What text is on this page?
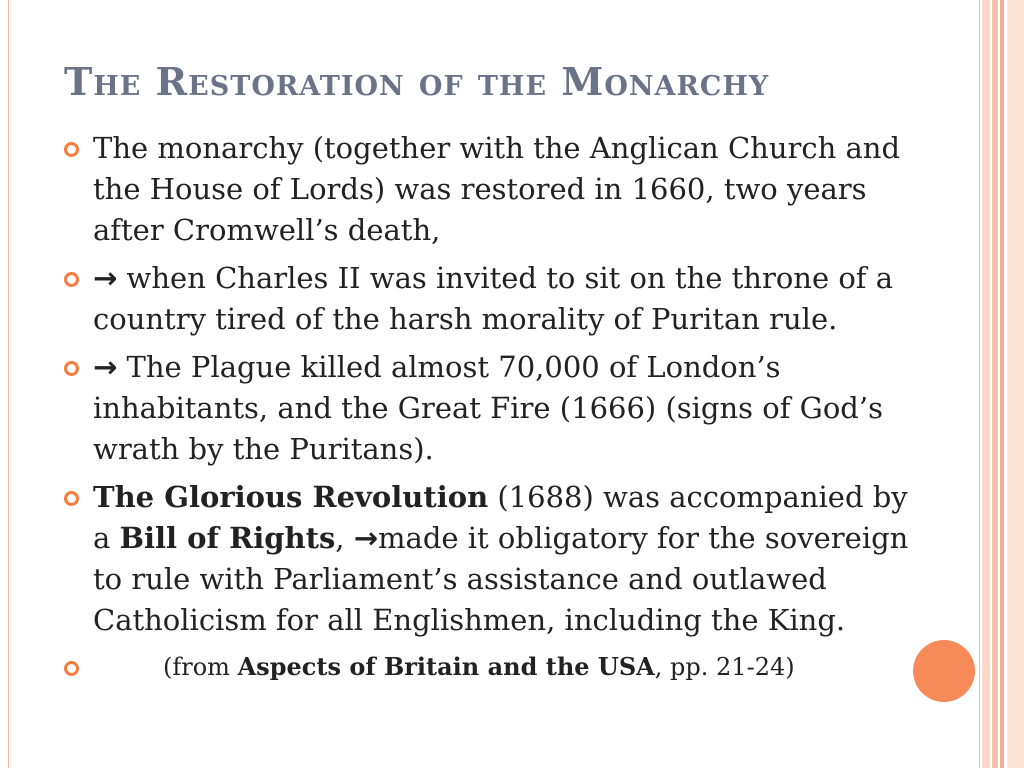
The Restoration of the Monarchy
The monarchy (together with the Anglican Church and the House of Lords) was restored in 1660, two years after Cromwell’s death,
→ when Charles II was invited to sit on the throne of a country tired of the harsh morality of Puritan rule.
→ The Plague killed almost 70,000 of London’s inhabitants, and the Great Fire (1666) (signs of God’s wrath by the Puritans).
The Glorious Revolution (1688) was accompanied by a Bill of Rights, →made it obligatory for the sovereign to rule with Parliament’s assistance and outlawed Catholicism for all Englishmen, including the King.
(from Aspects of Britain and the USA, pp. 21-24)
